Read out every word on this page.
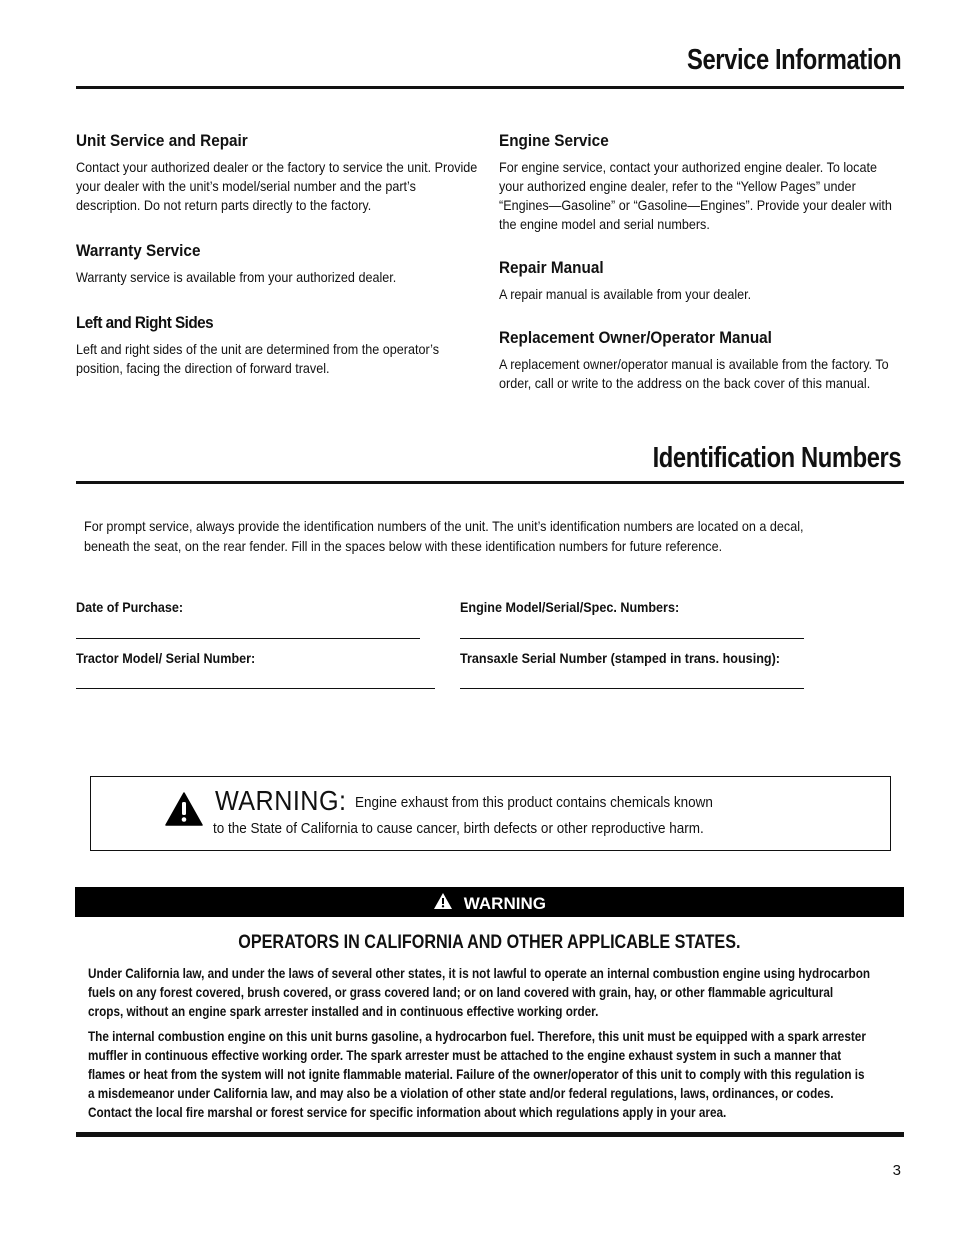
Service Information
Unit Service and Repair
Contact your authorized dealer or the factory to service the unit. Provide your dealer with the unit’s model/serial number and the part’s description. Do not return parts directly to the factory.
Warranty Service
Warranty service is available from your authorized dealer.
Left and Right Sides
Left and right sides of the unit are determined from the operator’s position, facing the direction of forward travel.
Engine Service
For engine service, contact your authorized engine dealer. To locate your authorized engine dealer, refer to the “Yellow Pages” under “Engines—Gasoline” or “Gasoline—Engines”. Provide your dealer with the engine model and serial numbers.
Repair Manual
A repair manual is available from your dealer.
Replacement Owner/Operator Manual
A replacement owner/operator manual is available from the factory. To order, call or write to the address on the back cover of this manual.
Identification Numbers
For prompt service, always provide the identification numbers of the unit. The unit’s identification numbers are located on a decal, beneath the seat, on the rear fender. Fill in the spaces below with these identification numbers for future reference.
Date of Purchase:	Engine Model/Serial/Spec. Numbers:
Tractor Model/ Serial Number:	Transaxle Serial Number (stamped in trans. housing):
WARNING: Engine exhaust from this product contains chemicals known
to the State of California to cause cancer, birth defects or other reproductive harm.
WARNING
OPERATORS IN CALIFORNIA AND OTHER APPLICABLE STATES.
Under California law, and under the laws of several other states, it is not lawful to operate an internal combustion engine using hydrocarbon fuels on any forest covered, brush covered, or grass covered land; or on land covered with grain, hay, or other flammable agricultural crops, without an engine spark arrester installed and in continuous effective working order.
The internal combustion engine on this unit burns gasoline, a hydrocarbon fuel. Therefore, this unit must be equipped with a spark arrester muffler in continuous effective working order. The spark arrester must be attached to the engine exhaust system in such a manner that flames or heat from the system will not ignite flammable material. Failure of the owner/operator of this unit to comply with this regulation is a misdemeanor under California law, and may also be a violation of other state and/or federal regulations, laws, ordinances, or codes. Contact the local fire marshal or forest service for specific information about which regulations apply in your area.
3
